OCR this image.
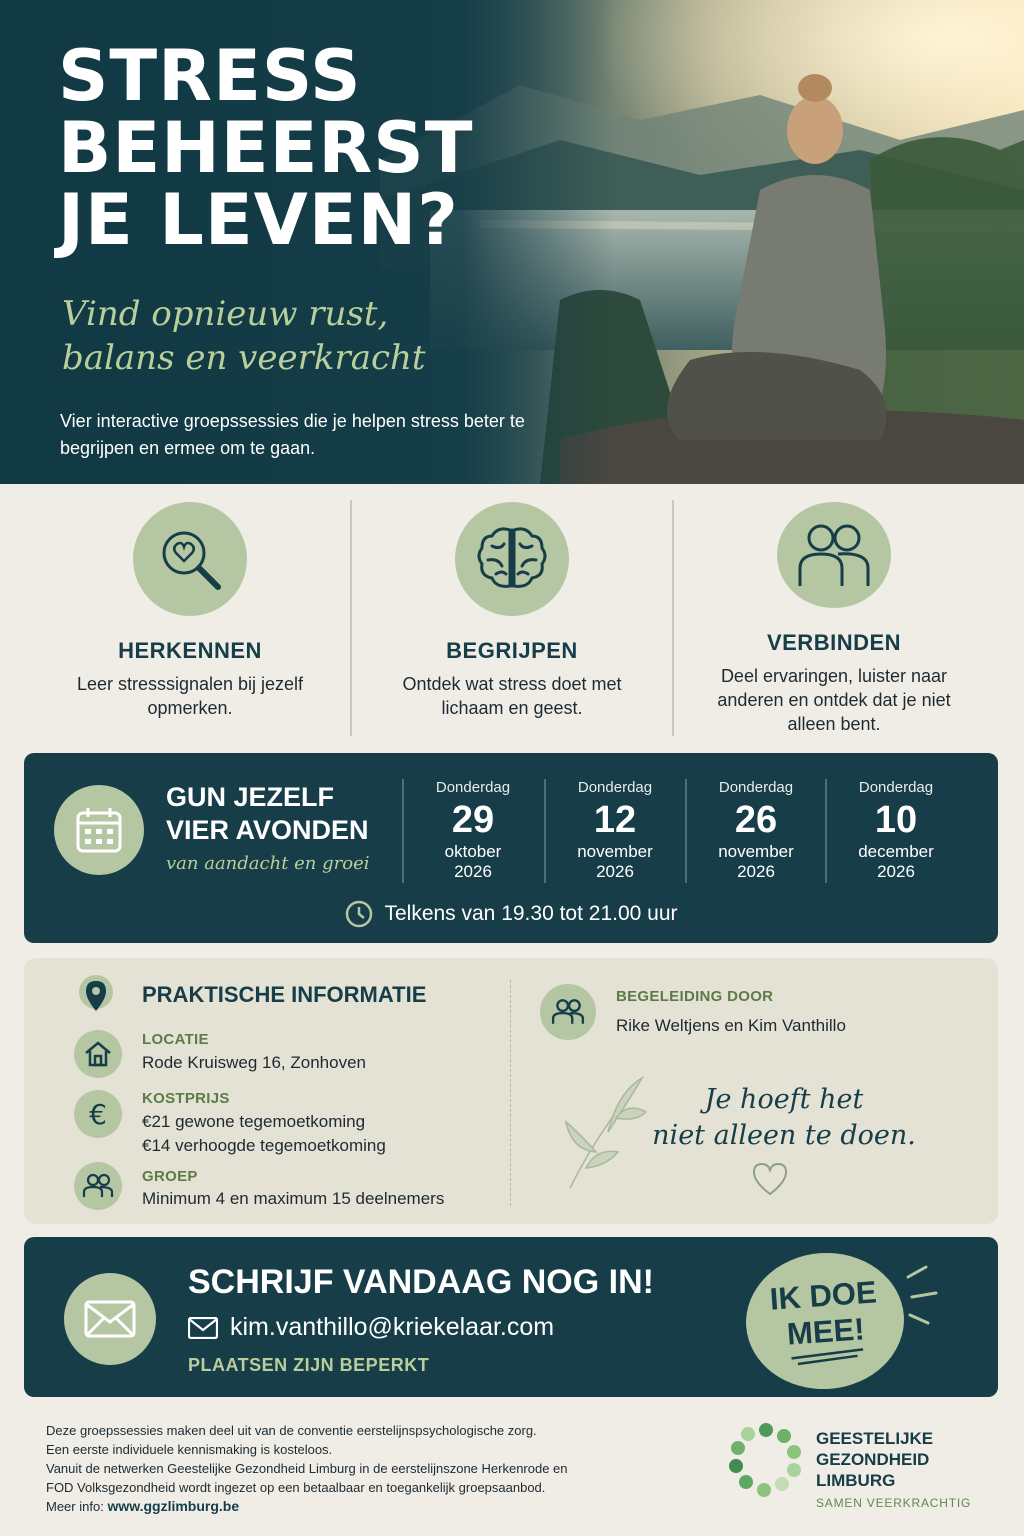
STRESS
BEHEERST
JE LEVEN?
Vind opnieuw rust,
balans en veerkracht

Vier interactive groepssessies die je helpen stress beter te begrijpen en ermee om te gaan.

HERKENNEN

Leer stresssignalen bij jezelf opmerken.

BEGRIJPEN

Ontdek wat stress doet met lichaam en geest.

VERBINDEN

Deel ervaringen, luister naar anderen en ontdek dat je niet alleen bent.

GUN JEZELF
VIER AVONDEN
van aandacht en groei
Donderdag
29
oktober
2026
Donderdag
12
november
2026
Donderdag
26
november
2026
Donderdag
10
december
2026
Telkens van 19.30 tot 21.00 uur
PRAKTISCHE INFORMATIE
LOCATIE
Rode Kruisweg 16, Zonhoven
€ KOSTPRIJS
€21 gewone tegemoetkoming
€14 verhoogde tegemoetkoming
GROEP
Minimum 4 en maximum 15 deelnemers
BEGELEIDING DOOR
Rike Weltjens en Kim Vanthillo
Je hoeft het
niet alleen te doen.
SCHRIJF VANDAAG NOG IN!
kim.vanthillo@kriekelaar.com
PLAATSEN ZIJN BEPERKT
IK DOE
MEE!
Deze groepssessies maken deel uit van de conventie eerstelijnspsychologische zorg.
Een eerste individuele kennismaking is kosteloos.
Vanuit de netwerken Geestelijke Gezondheid Limburg in de eerstelijnszone Herkenrode en
FOD Volksgezondheid wordt ingezet op een betaalbaar en toegankelijk groepsaanbod.
Meer info: www.ggzlimburg.be
GEESTELIJKE
GEZONDHEID
LIMBURG
SAMEN VEERKRACHTIG
